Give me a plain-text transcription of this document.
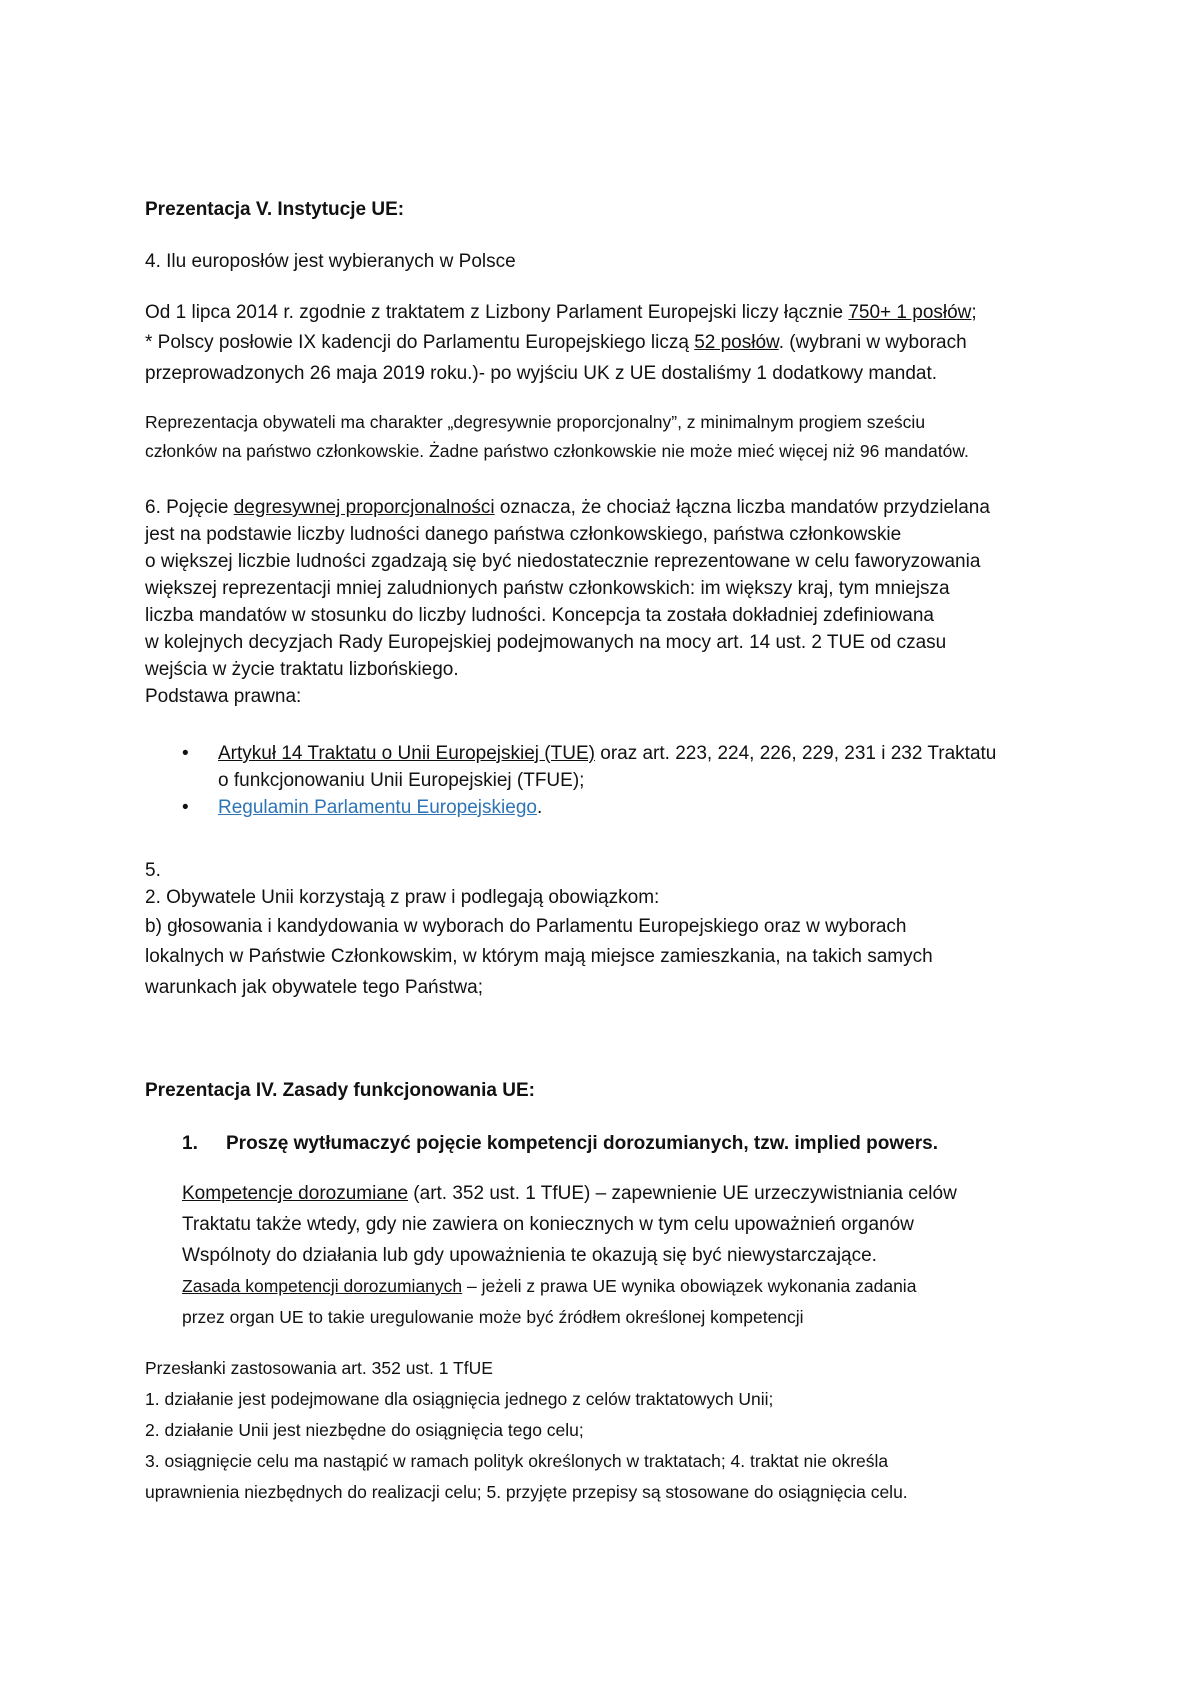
Prezentacja V. Instytucje UE:

4. Ilu europosłów jest wybieranych w Polsce

Od 1 lipca 2014 r. zgodnie z traktatem z Lizbony Parlament Europejski liczy łącznie 750+ 1 posłów;

* Polscy posłowie IX kadencji do Parlamentu Europejskiego liczą 52 posłów. (wybrani w wyborach

przeprowadzonych 26 maja 2019 roku.)- po wyjściu UK z UE dostaliśmy 1 dodatkowy mandat.

Reprezentacja obywateli ma charakter „degresywnie proporcjonalny”, z minimalnym progiem sześciu

członków na państwo członkowskie. Żadne państwo członkowskie nie może mieć więcej niż 96 mandatów.

6. Pojęcie degresywnej proporcjonalności oznacza, że chociaż łączna liczba mandatów przydzielana

jest na podstawie liczby ludności danego państwa członkowskiego, państwa członkowskie

o większej liczbie ludności zgadzają się być niedostatecznie reprezentowane w celu faworyzowania

większej reprezentacji mniej zaludnionych państw członkowskich: im większy kraj, tym mniejsza

liczba mandatów w stosunku do liczby ludności. Koncepcja ta została dokładniej zdefiniowana

w kolejnych decyzjach Rady Europejskiej podejmowanych na mocy art. 14 ust. 2 TUE od czasu

wejścia w życie traktatu lizbońskiego.

Podstawa prawna:

• Artykuł 14 Traktatu o Unii Europejskiej (TUE) oraz art. 223, 224, 226, 229, 231 i 232 Traktatu

o funkcjonowaniu Unii Europejskiej (TFUE);

• Regulamin Parlamentu Europejskiego.

5.

2. Obywatele Unii korzystają z praw i podlegają obowiązkom:

b) głosowania i kandydowania w wyborach do Parlamentu Europejskiego oraz w wyborach

lokalnych w Państwie Członkowskim, w którym mają miejsce zamieszkania, na takich samych

warunkach jak obywatele tego Państwa;

Prezentacja IV. Zasady funkcjonowania UE:

1. Proszę wytłumaczyć pojęcie kompetencji dorozumianych, tzw. implied powers.

Kompetencje dorozumiane (art. 352 ust. 1 TfUE) – zapewnienie UE urzeczywistniania celów

Traktatu także wtedy, gdy nie zawiera on koniecznych w tym celu upoważnień organów

Wspólnoty do działania lub gdy upoważnienia te okazują się być niewystarczające.

Zasada kompetencji dorozumianych – jeżeli z prawa UE wynika obowiązek wykonania zadania

przez organ UE to takie uregulowanie może być źródłem określonej kompetencji

Przesłanki zastosowania art. 352 ust. 1 TfUE

1. działanie jest podejmowane dla osiągnięcia jednego z celów traktatowych Unii;

2. działanie Unii jest niezbędne do osiągnięcia tego celu;

3. osiągnięcie celu ma nastąpić w ramach polityk określonych w traktatach; 4. traktat nie określa

uprawnienia niezbędnych do realizacji celu; 5. przyjęte przepisy są stosowane do osiągnięcia celu.
